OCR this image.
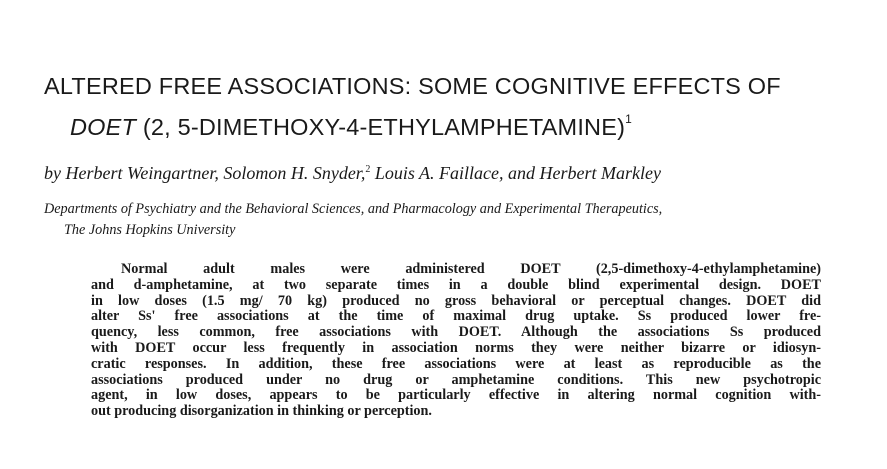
ALTERED FREE ASSOCIATIONS: SOME COGNITIVE EFFECTS OF
DOET (2, 5-DIMETHOXY-4-ETHYLAMPHETAMINE)$^1$
by Herbert Weingartner, Solomon H. Snyder,$^2$ Louis A. Faillace, and Herbert Markley
Departments of Psychiatry and the Behavioral Sciences, and Pharmacology and Experimental Therapeutics,
The Johns Hopkins University
Normal adult males were administered DOET (2,5-dimethoxy-4-ethylamphetamine)
and d-amphetamine, at two separate times in a double blind experimental design. DOET
in low doses (1.5 mg/ 70 kg) produced no gross behavioral or perceptual changes. DOET did
alter Ss' free associations at the time of maximal drug uptake. Ss produced lower fre-
quency, less common, free associations with DOET. Although the associations Ss produced
with DOET occur less frequently in association norms they were neither bizarre or idiosyn-
cratic responses. In addition, these free associations were at least as reproducible as the
associations produced under no drug or amphetamine conditions. This new psychotropic
agent, in low doses, appears to be particularly effective in altering normal cognition with-
out producing disorganization in thinking or perception.
